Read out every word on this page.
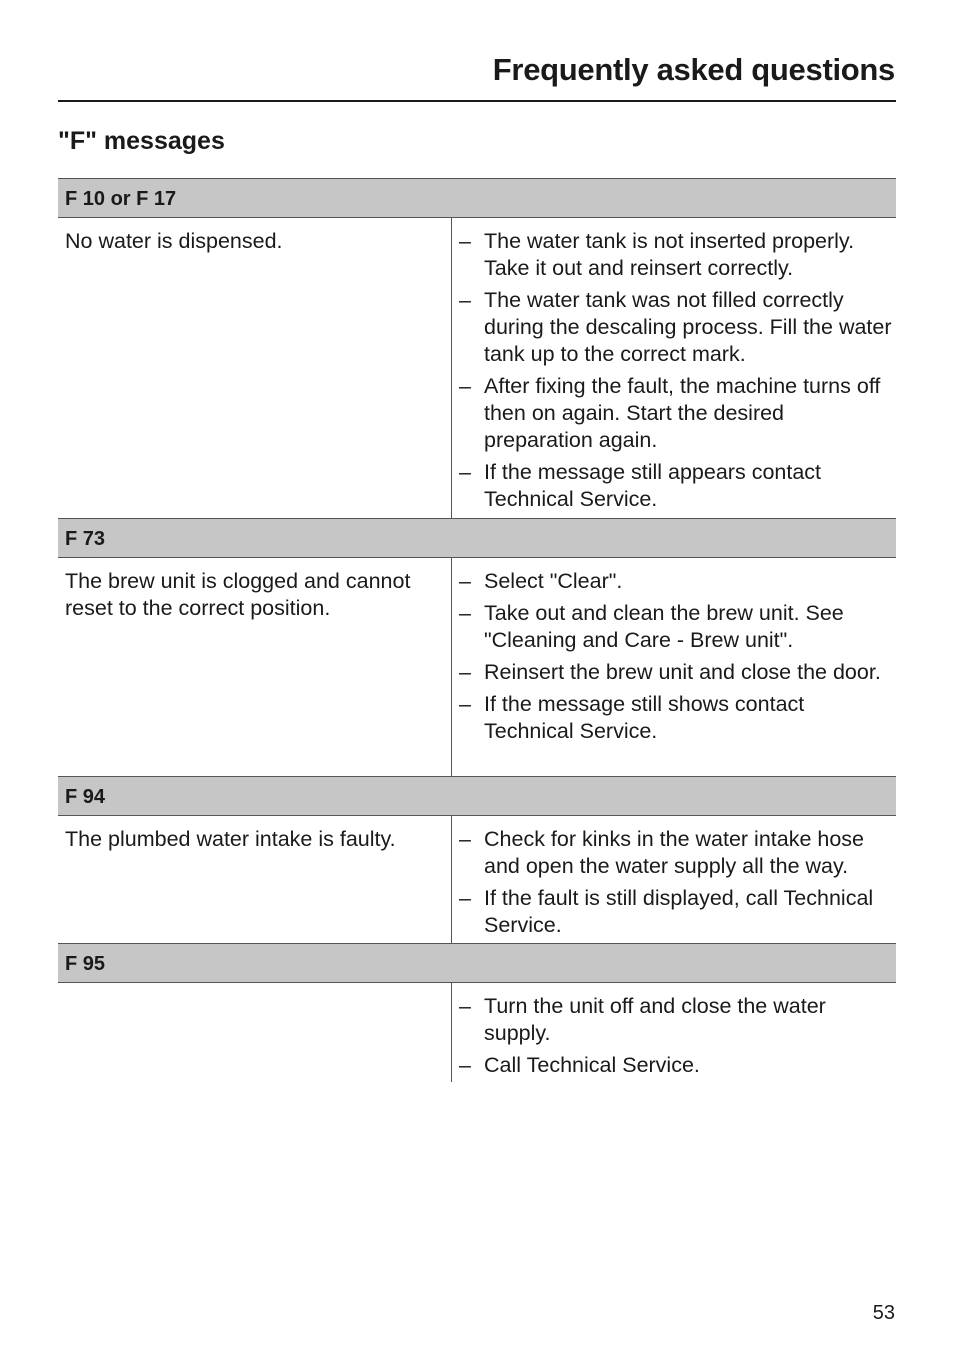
Frequently asked questions
"F" messages
F 10 or F 17
No water is dispensed.	– The water tank is not inserted properly. Take it out and reinsert correctly.
– The water tank was not filled correctly during the descaling process. Fill the water tank up to the correct mark.
– After fixing the fault, the machine turns off then on again. Start the desired preparation again.
– If the message still appears contact Technical Service.
F 73
The brew unit is clogged and cannot reset to the correct position.
– Select "Clear".
– Take out and clean the brew unit. See "Cleaning and Care - Brew unit".
– Reinsert the brew unit and close the door.
– If the message still shows contact Technical Service.
F 94
The plumbed water intake is faulty.	– Check for kinks in the water intake hose and open the water supply all the way.
– If the fault is still displayed, call Technical Service.
F 95
– Turn the unit off and close the water supply.
– Call Technical Service.
53
